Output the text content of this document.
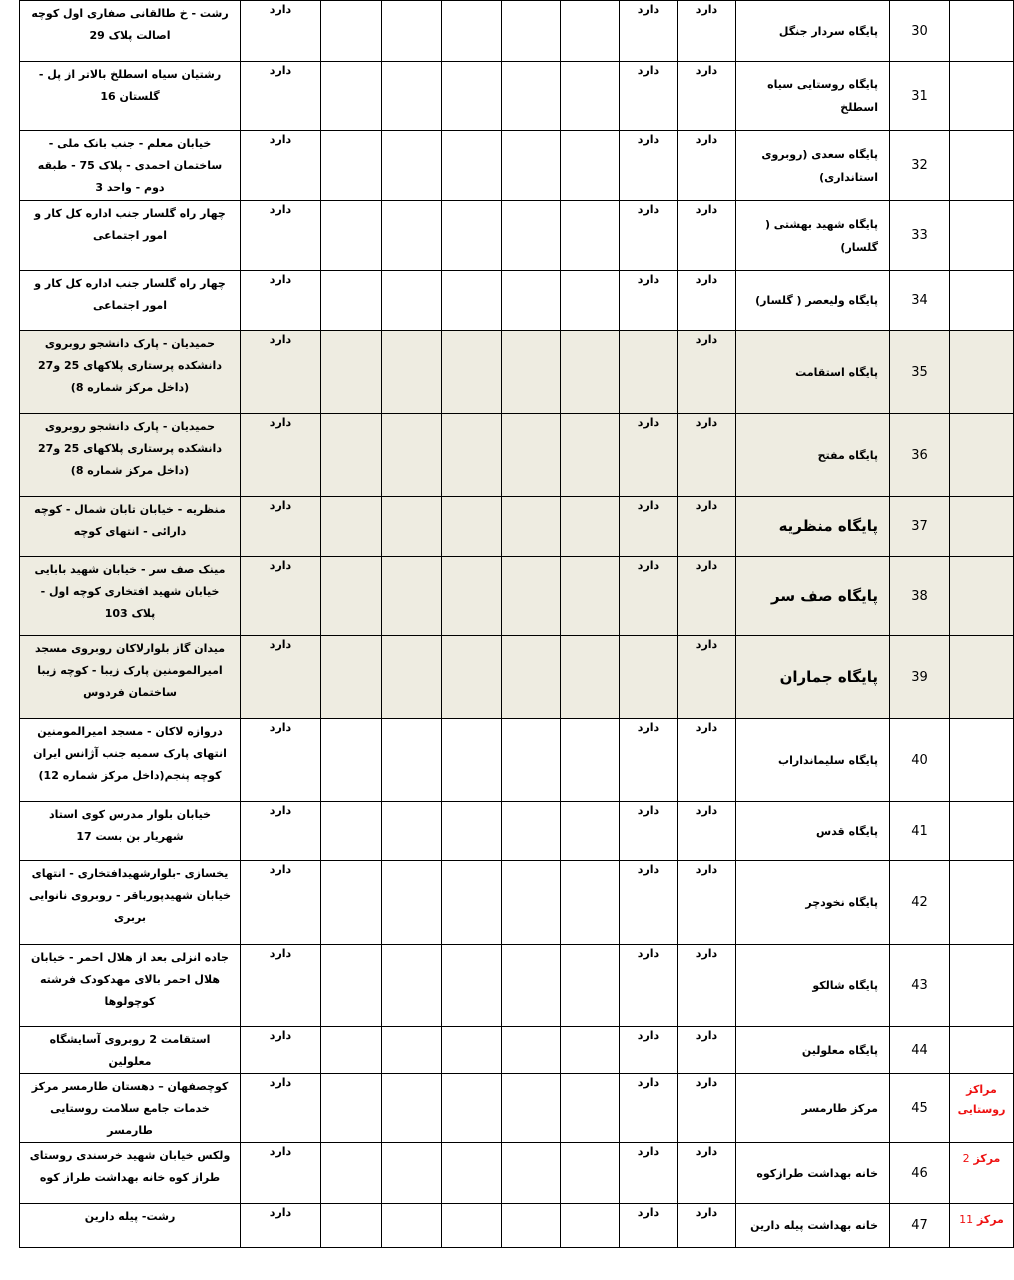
	30	پایگاه سردار جنگل	دارد	دارد						دارد	رشت - خ طالقانی صفاری اول کوچه اصالت پلاک 29
	31	پایگاه روستایی سیاه اسطلخ	دارد	دارد						دارد	رشتیان سیاه اسطلخ بالاتر از پل - گلستان 16
	32	پایگاه سعدی (روبروی استانداری)	دارد	دارد						دارد	خیابان معلم - جنب بانک ملی - ساختمان احمدی - پلاک 75 - طبقه دوم - واحد 3
	33	پایگاه شهید بهشتی ( گلسار)	دارد	دارد						دارد	چهار راه گلسار جنب اداره کل کار و امور اجتماعی
	34	پایگاه ولیعصر ( گلسار)	دارد	دارد						دارد	چهار راه گلسار جنب اداره کل کار و امور اجتماعی
	35	پایگاه استقامت	دارد							دارد	حمیدیان - پارک دانشجو روبروی دانشکده پرستاری پلاکهای 25 و27 (داخل مرکز شماره 8)
	36	پایگاه مفتح	دارد	دارد						دارد	حمیدیان - پارک دانشجو روبروی دانشکده پرستاری پلاکهای 25 و27 (داخل مرکز شماره 8)
	37	پایگاه منظریه	دارد	دارد						دارد	منظریه - خیابان تابان شمال - کوچه دارائی - انتهای کوچه
	38	پایگاه صف سر	دارد	دارد						دارد	مینک صف سر - خیابان شهید بابایی خیابان شهید افتخاری کوچه اول - پلاک 103
	39	پایگاه جماران	دارد							دارد	میدان گاز بلوارلاکان روبروی مسجد امیرالمومنین پارک زیبا - کوچه زیبا ساختمان فردوس
	40	پایگاه سلیمانداراب	دارد	دارد						دارد	دروازه لاکان - مسجد امیرالمومنین انتهای پارک سمیه جنب آژانس ایران کوچه پنجم(داخل مرکز شماره 12)
	41	پایگاه قدس	دارد	دارد						دارد	خیابان بلوار مدرس کوی استاد شهریار بن بست 17
	42	پایگاه نخودچر	دارد	دارد						دارد	یخسازی -بلوارشهیدافتخاری - انتهای خیابان شهیدپورباقر - روبروی نانوایی بربری
	43	پایگاه شالکو	دارد	دارد						دارد	جاده انزلی بعد از هلال احمر - خیابان هلال احمر بالای مهدکودک فرشته کوچولوها
	44	پایگاه معلولین	دارد	دارد						دارد	استقامت 2 روبروی آسایشگاه معلولین
مراکز روستایی	45	مرکز طارمسر	دارد	دارد						دارد	کوچصفهان – دهستان طارمسر مرکز خدمات جامع سلامت روستایی طارمسر
مرکز 2	46	خانه بهداشت طرازکوه	دارد	دارد						دارد	ولکس خیابان شهید خرسندی روستای طراز کوه خانه بهداشت طراز کوه
مرکز 11	47	خانه بهداشت پیله دارین	دارد	دارد						دارد	رشت- پیله دارین
